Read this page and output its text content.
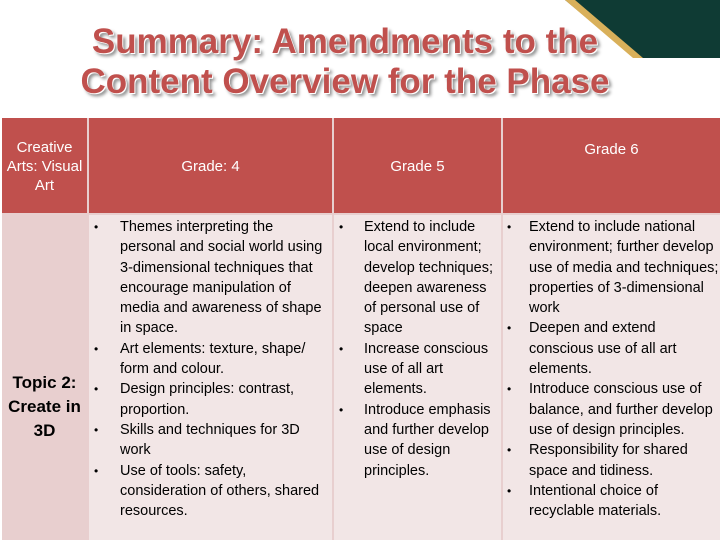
Summary: Amendments to the
Content Overview for the Phase
Creative Arts: Visual Art
Grade: 4	Grade 5
Grade 6
Topic 2: Create in 3D
• Themes interpreting the personal and social world using 3-dimensional techniques that encourage manipulation of media and awareness of shape in space.
• Art elements: texture, shape/ form and colour.
• Design principles: contrast, proportion.
• Skills and techniques for 3D work
• Use of tools: safety, consideration of others, shared resources.
• Extend to include local environment; develop techniques; deepen awareness of personal use of space
• Increase conscious use of all art elements.
• Introduce emphasis and further develop use of design principles.
• Extend to include national environment; further develop use of media and techniques; properties of 3-dimensional work
• Deepen and extend conscious use of all art elements.
• Introduce conscious use of balance, and further develop use of design principles.
• Responsibility for shared space and tidiness.
• Intentional choice of recyclable materials.
